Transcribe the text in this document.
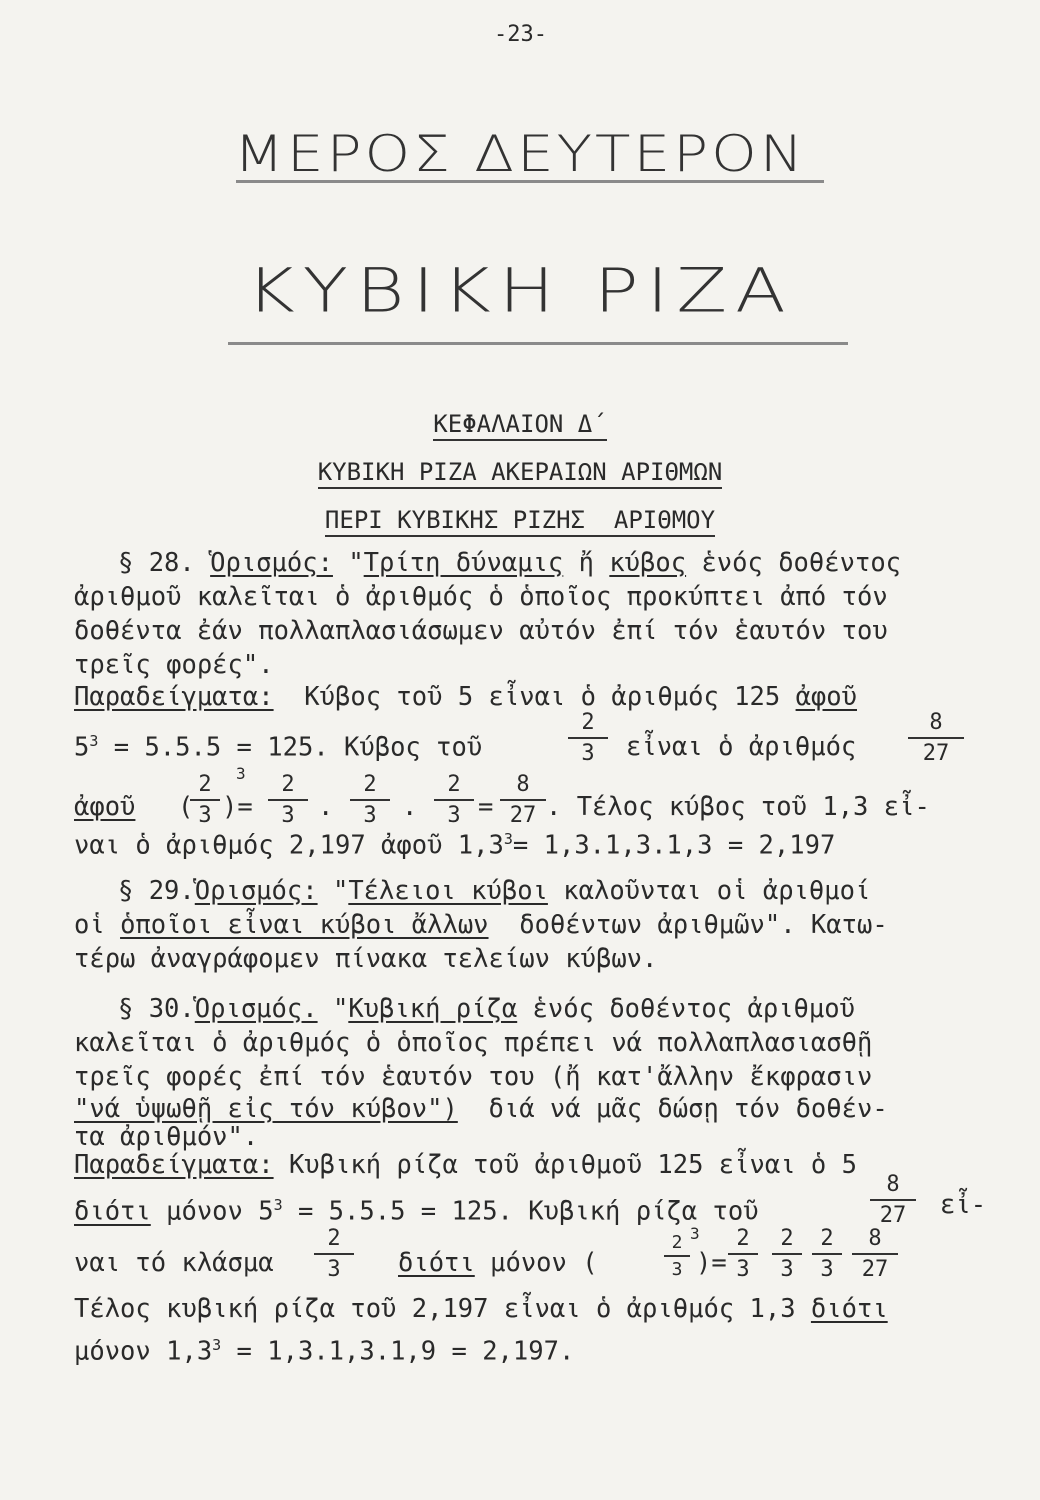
-23-
ΜΕΡΟΣ ΔΕΥΤΕΡΟΝ
ΚΥΒΙΚΗ ΡΙΖΑ
ΚΕΦΑΛΑΙΟΝ Δ΄
ΚΥΒΙΚΗ ΡΙΖΑ ΑΚΕΡΑΙΩΝ ΑΡΙΘΜΩΝ
ΠΕΡΙ ΚΥΒΙΚΗΣ ΡΙΖΗΣ  ΑΡΙΘΜΟΥ
§ 28. Ὁρισμός: "Τρίτη δύναμις ἤ κύβος ἑνός δοθέντος
ἀριθμοῦ καλεῖται ὁ ἀριθμός ὁ ὁποῖος προκύπτει ἀπό τόν
δοθέντα ἐάν πολλαπλασιάσωμεν αὐτόν ἐπί τόν ἑαυτόν του
τρεῖς φορές".
Παραδείγματα:  Κύβος τοῦ 5 εἶναι ὁ ἀριθμός 125 ἀφοῦ
$5^3 = 5.5.5 = 125$. Κύβος τοῦ
2
3	εἶναι ὁ ἀριθμός
8
27
ἀφοῦ (
2
3
3
)=
2
3 .
2
3 .
2
3 =
8
27 . Τέλος κύβος τοῦ 1,3 εἶ-
ναι ὁ ἀριθμός 2,197 ἀφοῦ $1,3^3= 1,3.1,3.1,3 = 2,197$
§ 29.Ὁρισμός: "Τέλειοι κύβοι καλοῦνται οἱ ἀριθμοί
οἱ ὁποῖοι εἶναι κύβοι ἄλλων  δοθέντων ἀριθμῶν". Κατω-
τέρω ἀναγράφομεν πίνακα τελείων κύβων.
§ 30.Ὁρισμός. "Κυβική ρίζα ἑνός δοθέντος ἀριθμοῦ
καλεῖται ὁ ἀριθμός ὁ ὁποῖος πρέπει νά πολλαπλασιασθῇ
τρεῖς φορές ἐπί τόν ἑαυτόν του (ἤ κατ'ἄλλην ἔκφρασιν
"νά ὑψωθῇ εἰς τόν κύβον")  διά νά μᾶς δώσῃ τόν δοθέν-
τα ἀριθμόν".
Παραδείγματα: Κυβική ρίζα τοῦ ἀριθμοῦ 125 εἶναι ὁ 5
διότι μόνον $5^3 = 5.5.5 = 125$. Κυβική ρίζα τοῦ
8
27	εἶ-
ναι τό κλάσμα
2
3	διότι μόνον (
2
3
3
)=
2
3
2
3
2
3
8
27
Τέλος κυβική ρίζα τοῦ 2,197 εἶναι ὁ ἀριθμός 1,3 διότι
μόνον $1,3^3 = 1,3.1,3.1,9 = 2,197$.
